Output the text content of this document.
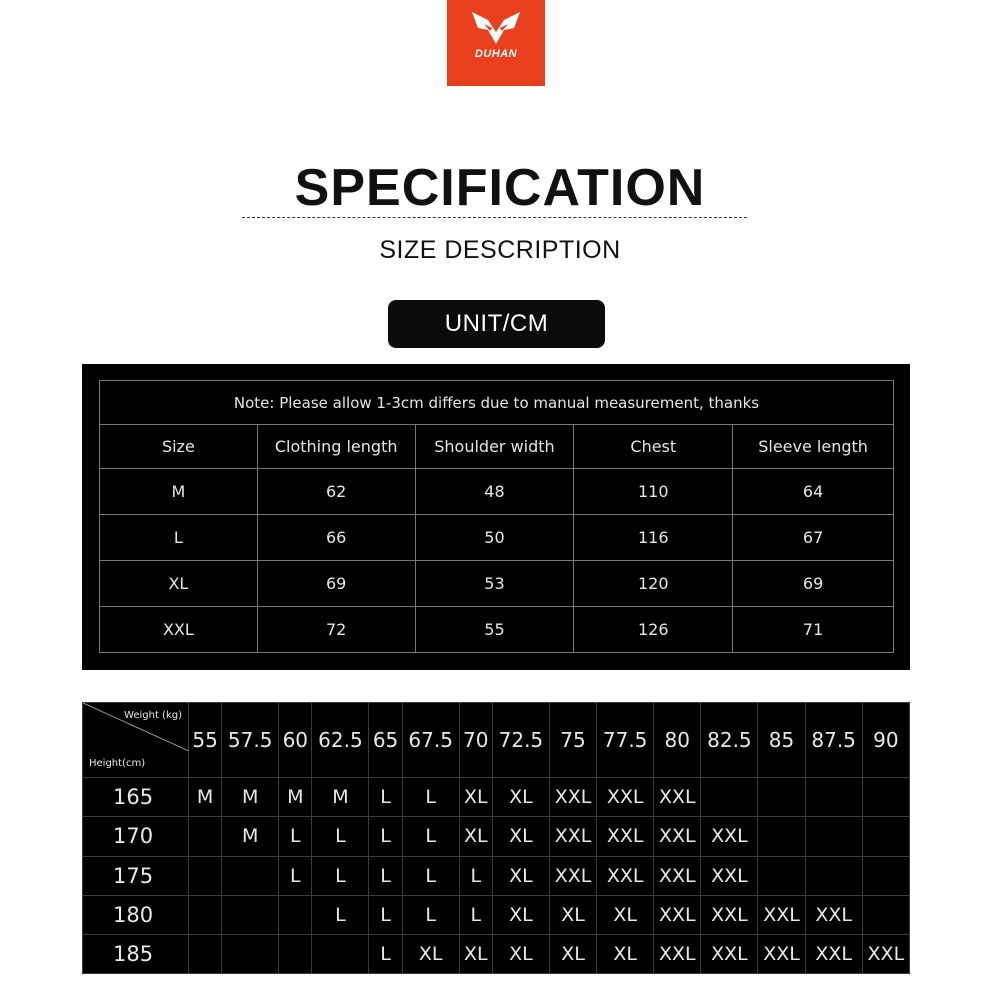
DUHAN
SPECIFICATION
SIZE DESCRIPTION
UNIT/CM
Note: Please allow 1-3cm differs due to manual measurement, thanks				
Size	Clothing length	Shoulder width	Chest	Sleeve length
M	62	48	110	64
L	66	50	116	67
XL	69	53	120	69
XXL	72	55	126	71
Weight (kg)
Height(cm)	55	57.5	60	62.5	65	67.5	70	72.5	75	77.5	80	82.5	85	87.5	90
165	M	M	M	M	L	L	XL	XL	XXL	XXL	XXL				
170		M	L	L	L	L	XL	XL	XXL	XXL	XXL	XXL			
175			L	L	L	L	L	XL	XXL	XXL	XXL	XXL			
180				L	L	L	L	XL	XL	XL	XXL	XXL	XXL	XXL	
185					L	XL	XL	XL	XL	XL	XXL	XXL	XXL	XXL	XXL
